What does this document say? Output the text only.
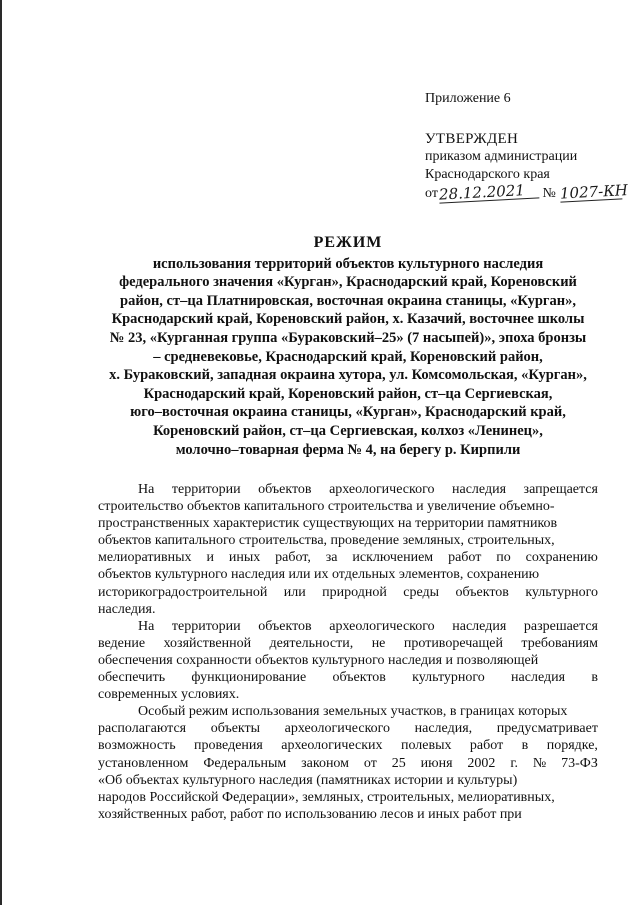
Приложение 6
УТВЕРЖДЕН
приказом администрации
Краснодарского края
от28.12.2021 № 1027-КН
РЕЖИМ
использования территорий объектов культурного наследия
федерального значения «Курган», Краснодарский край, Кореновский
район, ст–ца Платнировская, восточная окраина станицы, «Курган»,
Краснодарский край, Кореновский район, х. Казачий, восточнее школы
№ 23, «Курганная группа «Бураковский–25» (7 насыпей)», эпоха бронзы
– средневековье, Краснодарский край, Кореновский район,
х. Бураковский, западная окраина хутора, ул. Комсомольская, «Курган»,
Краснодарский край, Кореновский район, ст–ца Сергиевская,
юго–восточная окраина станицы, «Курган», Краснодарский край,
Кореновский район, ст–ца Сергиевская, колхоз «Ленинец»,
молочно–товарная ферма № 4, на берегу р. Кирпили
На территории объектов археологического наследия запрещается
строительство объектов капитального строительства и увеличение объемно-
пространственных характеристик существующих на территории памятников
объектов капитального строительства, проведение земляных, строительных,
мелиоративных и иных работ, за исключением работ по сохранению
объектов культурного наследия или их отдельных элементов, сохранению
историкоградостроительной или природной среды объектов культурного
наследия.
На территории объектов археологического наследия разрешается
ведение хозяйственной деятельности, не противоречащей требованиям
обеспечения сохранности объектов культурного наследия и позволяющей
обеспечить функционирование объектов культурного наследия в
современных условиях.
Особый режим использования земельных участков, в границах которых
располагаются объекты археологического наследия, предусматривает
возможность проведения археологических полевых работ в порядке,
установленном Федеральным законом от 25 июня 2002 г. № 73-ФЗ
«Об объектах культурного наследия (памятниках истории и культуры)
народов Российской Федерации», земляных, строительных, мелиоративных,
хозяйственных работ, работ по использованию лесов и иных работ при
